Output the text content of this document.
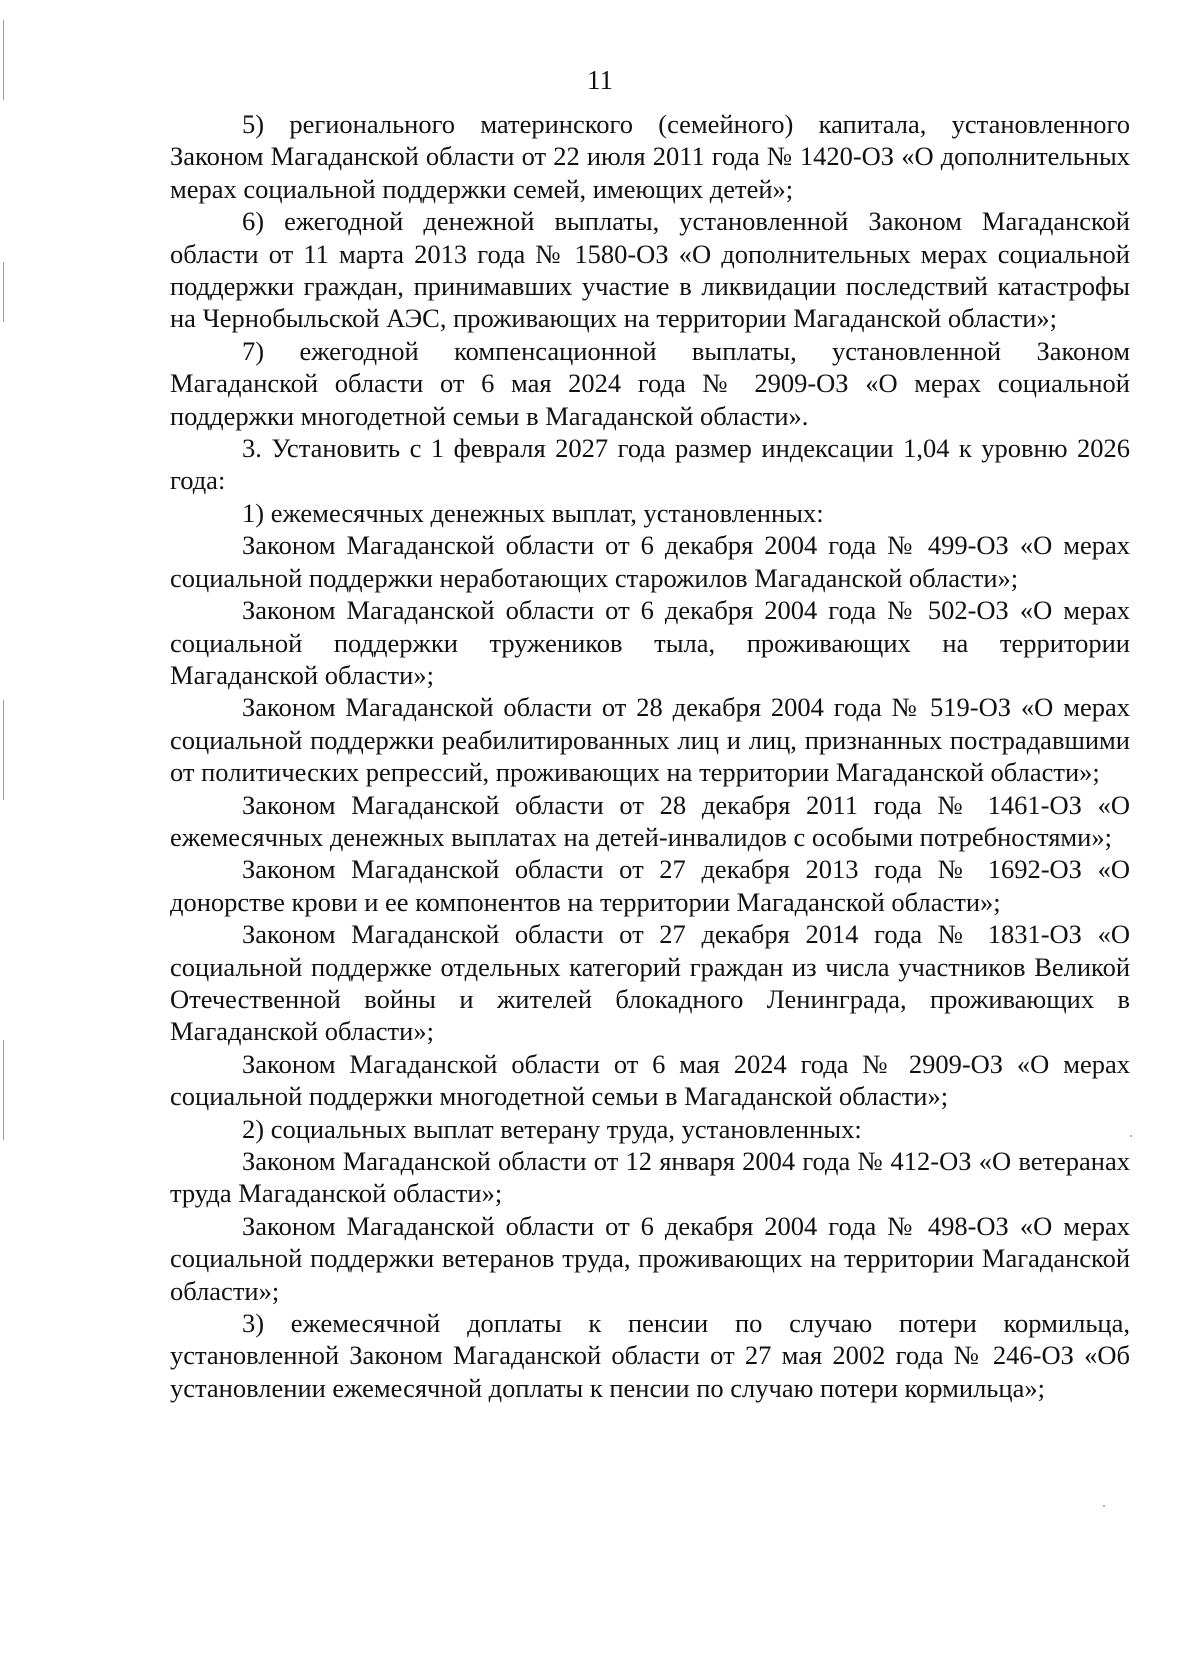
11

5) регионального материнского (семейного) капитала, установленного Законом Магаданской области от 22 июля 2011 года № 1420-ОЗ «О дополнительных мерах социальной поддержки семей, имеющих детей»;

6) ежегодной денежной выплаты, установленной Законом Магаданской области от 11 марта 2013 года № 1580-ОЗ «О дополнительных мерах социальной поддержки граждан, принимавших участие в ликвидации последствий катастрофы на Чернобыльской АЭС, проживающих на территории Магаданской области»;

7) ежегодной компенсационной выплаты, установленной Законом Магаданской области от 6 мая 2024 года № 2909-ОЗ «О мерах социальной поддержки многодетной семьи в Магаданской области».

3. Установить с 1 февраля 2027 года размер индексации 1,04 к уровню 2026 года:

1) ежемесячных денежных выплат, установленных:

Законом Магаданской области от 6 декабря 2004 года № 499-ОЗ «О мерах социальной поддержки неработающих старожилов Магаданской области»;

Законом Магаданской области от 6 декабря 2004 года № 502-ОЗ «О мерах социальной поддержки тружеников тыла, проживающих на территории Магаданской области»;

Законом Магаданской области от 28 декабря 2004 года № 519-ОЗ «О мерах социальной поддержки реабилитированных лиц и лиц, признанных пострадавшими от политических репрессий, проживающих на территории Магаданской области»;

Законом Магаданской области от 28 декабря 2011 года № 1461-ОЗ «О ежемесячных денежных выплатах на детей-инвалидов с особыми потребностями»;

Законом Магаданской области от 27 декабря 2013 года № 1692-ОЗ «О донорстве крови и ее компонентов на территории Магаданской области»;

Законом Магаданской области от 27 декабря 2014 года № 1831-ОЗ «О социальной поддержке отдельных категорий граждан из числа участников Великой Отечественной войны и жителей блокадного Ленинграда, проживающих в Магаданской области»;

Законом Магаданской области от 6 мая 2024 года № 2909-ОЗ «О мерах социальной поддержки многодетной семьи в Магаданской области»;

2) социальных выплат ветерану труда, установленных:

Законом Магаданской области от 12 января 2004 года № 412-ОЗ «О ветеранах труда Магаданской области»;

Законом Магаданской области от 6 декабря 2004 года № 498-ОЗ «О мерах социальной поддержки ветеранов труда, проживающих на территории Магаданской области»;

3) ежемесячной доплаты к пенсии по случаю потери кормильца, установленной Законом Магаданской области от 27 мая 2002 года № 246-ОЗ «Об установлении ежемесячной доплаты к пенсии по случаю потери кормильца»;
